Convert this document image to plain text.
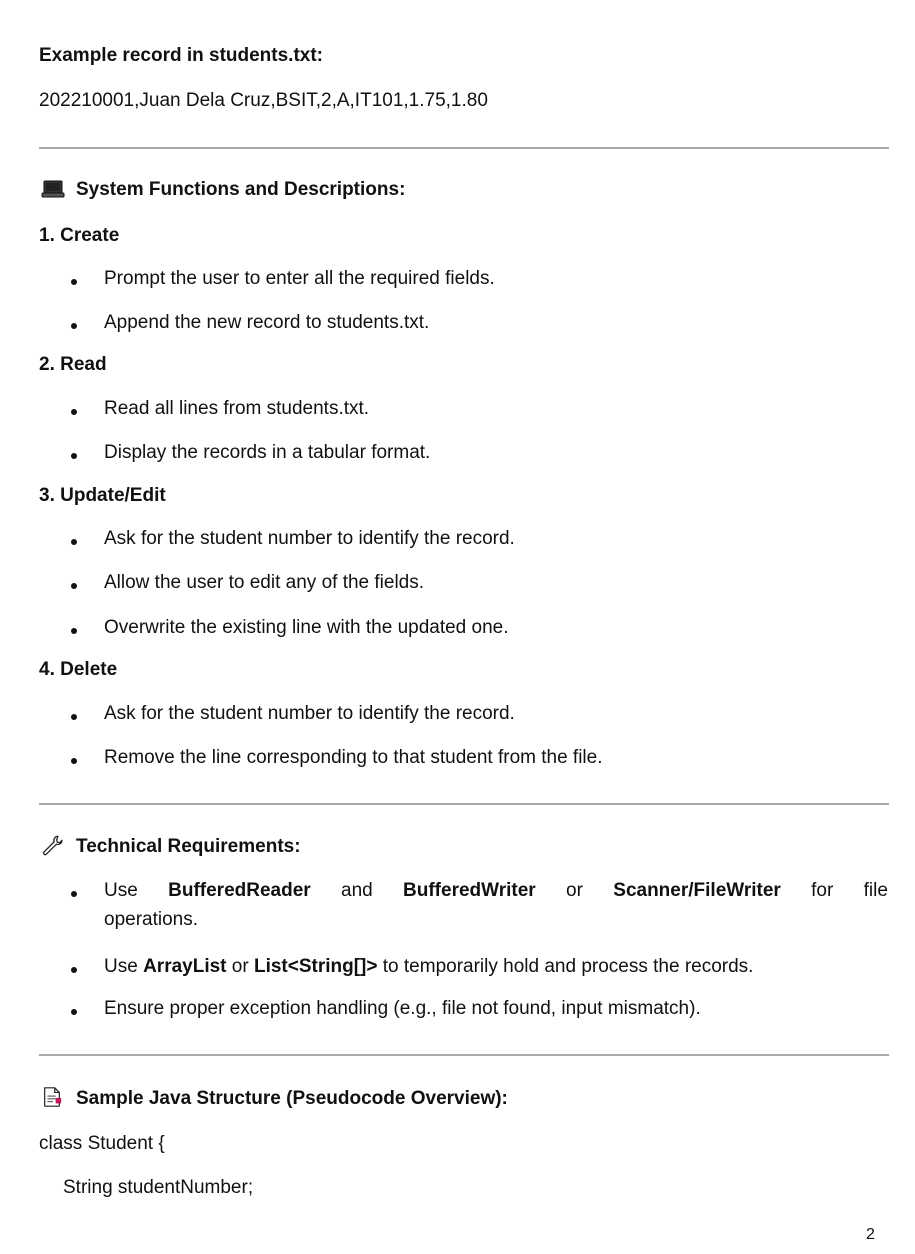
Example record in students.txt:
202210001,Juan Dela Cruz,BSIT,2,A,IT101,1.75,1.80
System Functions and Descriptions:
1. Create
Prompt the user to enter all the required fields.
Append the new record to students.txt.
2. Read
Read all lines from students.txt.
Display the records in a tabular format.
3. Update/Edit
Ask for the student number to identify the record.
Allow the user to edit any of the fields.
Overwrite the existing line with the updated one.
4. Delete
Ask for the student number to identify the record.
Remove the line corresponding to that student from the file.
Technical Requirements:
Use BufferedReader and BufferedWriter or Scanner/FileWriter for file
operations.
Use ArrayList or List<String[]> to temporarily hold and process the records.
Ensure proper exception handling (e.g., file not found, input mismatch).
Sample Java Structure (Pseudocode Overview):
class Student {
String studentNumber;
2
